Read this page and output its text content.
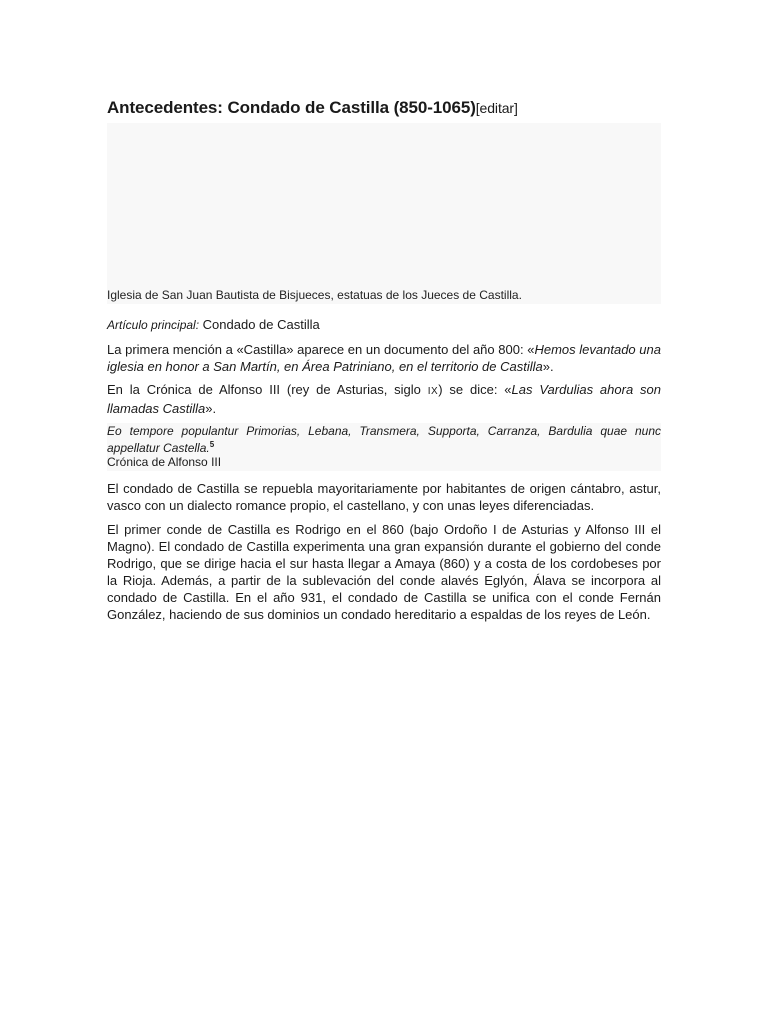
Antecedentes: Condado de Castilla (850-1065)[editar]
Iglesia de San Juan Bautista de Bisjueces, estatuas de los Jueces de Castilla.
Artículo principal: Condado de Castilla

La primera mención a «Castilla» aparece en un documento del año 800: «Hemos levantado una iglesia en honor a San Martín, en Área Patriniano, en el territorio de Castilla».

En la Crónica de Alfonso III (rey de Asturias, siglo IX) se dice: «Las Vardulias ahora son llamadas Castilla».

Eo tempore populantur Primorias, Lebana, Transmera, Supporta, Carranza, Bardulia quae nunc appellatur Castella.$^5$
Crónica de Alfonso III

El condado de Castilla se repuebla mayoritariamente por habitantes de origen cántabro, astur, vasco con un dialecto romance propio, el castellano, y con unas leyes diferenciadas.

El primer conde de Castilla es Rodrigo en el 860 (bajo Ordoño I de Asturias y Alfonso III el Magno). El condado de Castilla experimenta una gran expansión durante el gobierno del conde Rodrigo, que se dirige hacia el sur hasta llegar a Amaya (860) y a costa de los cordobeses por la Rioja. Además, a partir de la sublevación del conde alavés Eglyón, Álava se incorpora al condado de Castilla. En el año 931, el condado de Castilla se unifica con el conde Fernán González, haciendo de sus dominios un condado hereditario a espaldas de los reyes de León.
